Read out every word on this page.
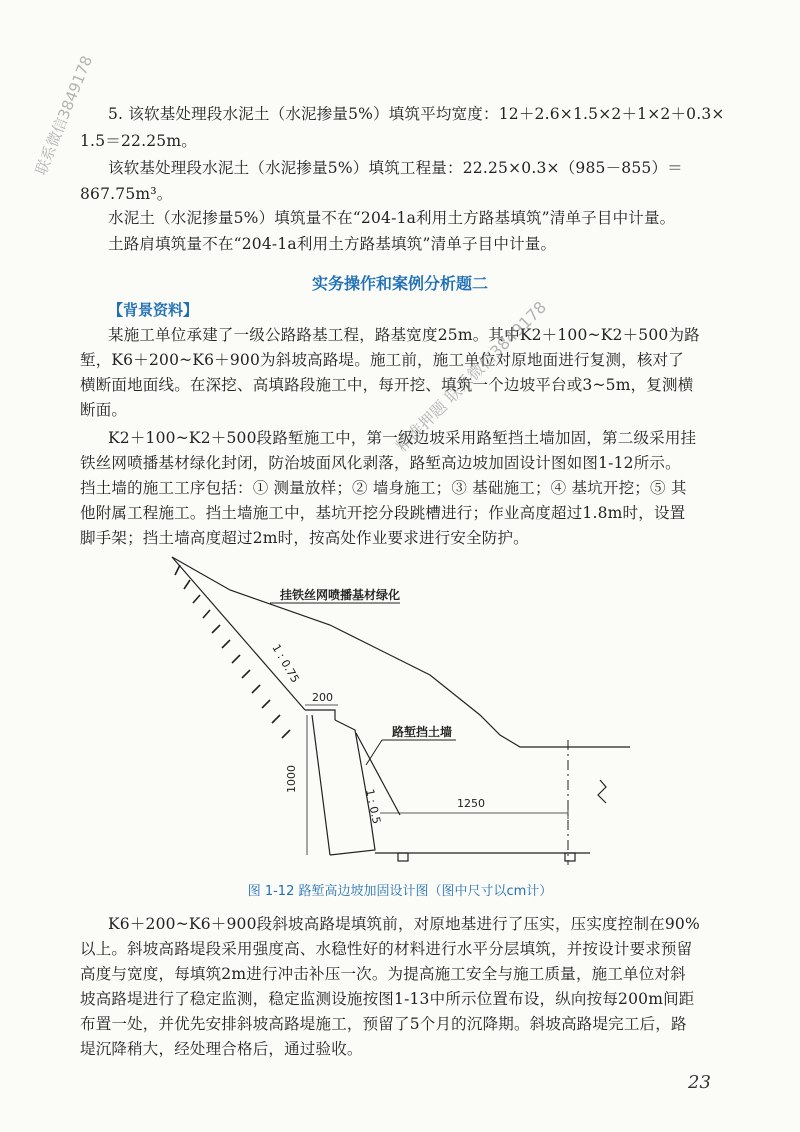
5. 该软基处理段水泥土（水泥掺量5%）填筑平均宽度：12＋2.6×1.5×2＋1×2＋0.3×
1.5＝22.25m。
该软基处理段水泥土（水泥掺量5%）填筑工程量：22.25×0.3×（985－855）＝
867.75m³。
水泥土（水泥掺量5%）填筑量不在“204-1a利用土方路基填筑”清单子目中计量。
土路肩填筑量不在“204-1a利用土方路基填筑”清单子目中计量。
实务操作和案例分析题二
【背景资料】
某施工单位承建了一级公路路基工程，路基宽度25m。其中K2＋100~K2＋500为路
堑，K6＋200~K6＋900为斜坡高路堤。施工前，施工单位对原地面进行复测，核对了
横断面地面线。在深挖、高填路段施工中，每开挖、填筑一个边坡平台或3~5m，复测横
断面。
K2＋100~K2＋500段路堑施工中，第一级边坡采用路堑挡土墙加固，第二级采用挂
铁丝网喷播基材绿化封闭，防治坡面风化剥落，路堑高边坡加固设计图如图1-12所示。
挡土墙的施工工序包括：① 测量放样；② 墙身施工；③ 基础施工；④ 基坑开挖；⑤ 其
他附属工程施工。挡土墙施工中，基坑开挖分段跳槽进行；作业高度超过1.8m时，设置
脚手架；挡土墙高度超过2m时，按高处作业要求进行安全防护。
挂铁丝网喷播基材绿化
1 : 0.75
200
路堑挡土墙
1000
1 : 0.5	1250
图 1-12 路堑高边坡加固设计图（图中尺寸以cm计）
K6＋200~K6＋900段斜坡高路堤填筑前，对原地基进行了压实，压实度控制在90%
以上。斜坡高路堤段采用强度高、水稳性好的材料进行水平分层填筑，并按设计要求预留
高度与宽度，每填筑2m进行冲击补压一次。为提高施工安全与施工质量，施工单位对斜
坡高路堤进行了稳定监测，稳定监测设施按图1-13中所示位置布设，纵向按每200m间距
布置一处，并优先安排斜坡高路堤施工，预留了5个月的沉降期。斜坡高路堤完工后，路
堤沉降稍大，经处理合格后，通过验收。
23
联系微信3849178
精准押题 联系微信3849178
